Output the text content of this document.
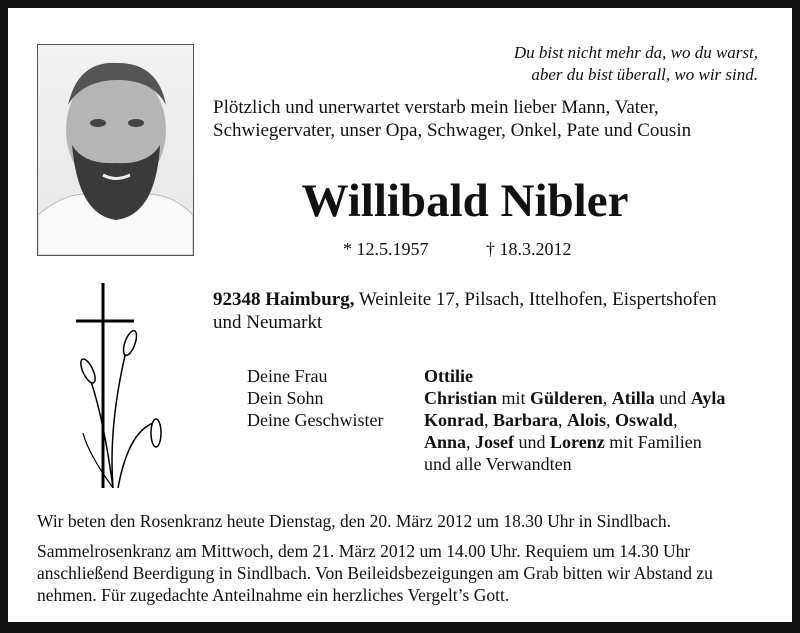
Du bist nicht mehr da, wo du warst,
aber du bist überall, wo wir sind.
Plötzlich und unerwartet verstarb mein lieber Mann, Vater,
Schwiegervater, unser Opa, Schwager, Onkel, Pate und Cousin
Willibald Nibler
* 12.5.1957	† 18.3.2012
92348 Haimburg, Weinleite 17, Pilsach, Ittelhofen, Eispertshofen
und Neumarkt
Deine Frau
Dein Sohn
Deine Geschwister
Ottilie
Christian mit Gülderen, Atilla und Ayla
Konrad, Barbara, Alois, Oswald,
Anna, Josef und Lorenz mit Familien
und alle Verwandten
Wir beten den Rosenkranz heute Dienstag, den 20. März 2012 um 18.30 Uhr in Sindlbach.
Sammelrosenkranz am Mittwoch, dem 21. März 2012 um 14.00 Uhr. Requiem um 14.30 Uhr
anschließend Beerdigung in Sindlbach. Von Beileidsbezeigungen am Grab bitten wir Abstand zu
nehmen. Für zugedachte Anteilnahme ein herzliches Vergelt’s Gott.
